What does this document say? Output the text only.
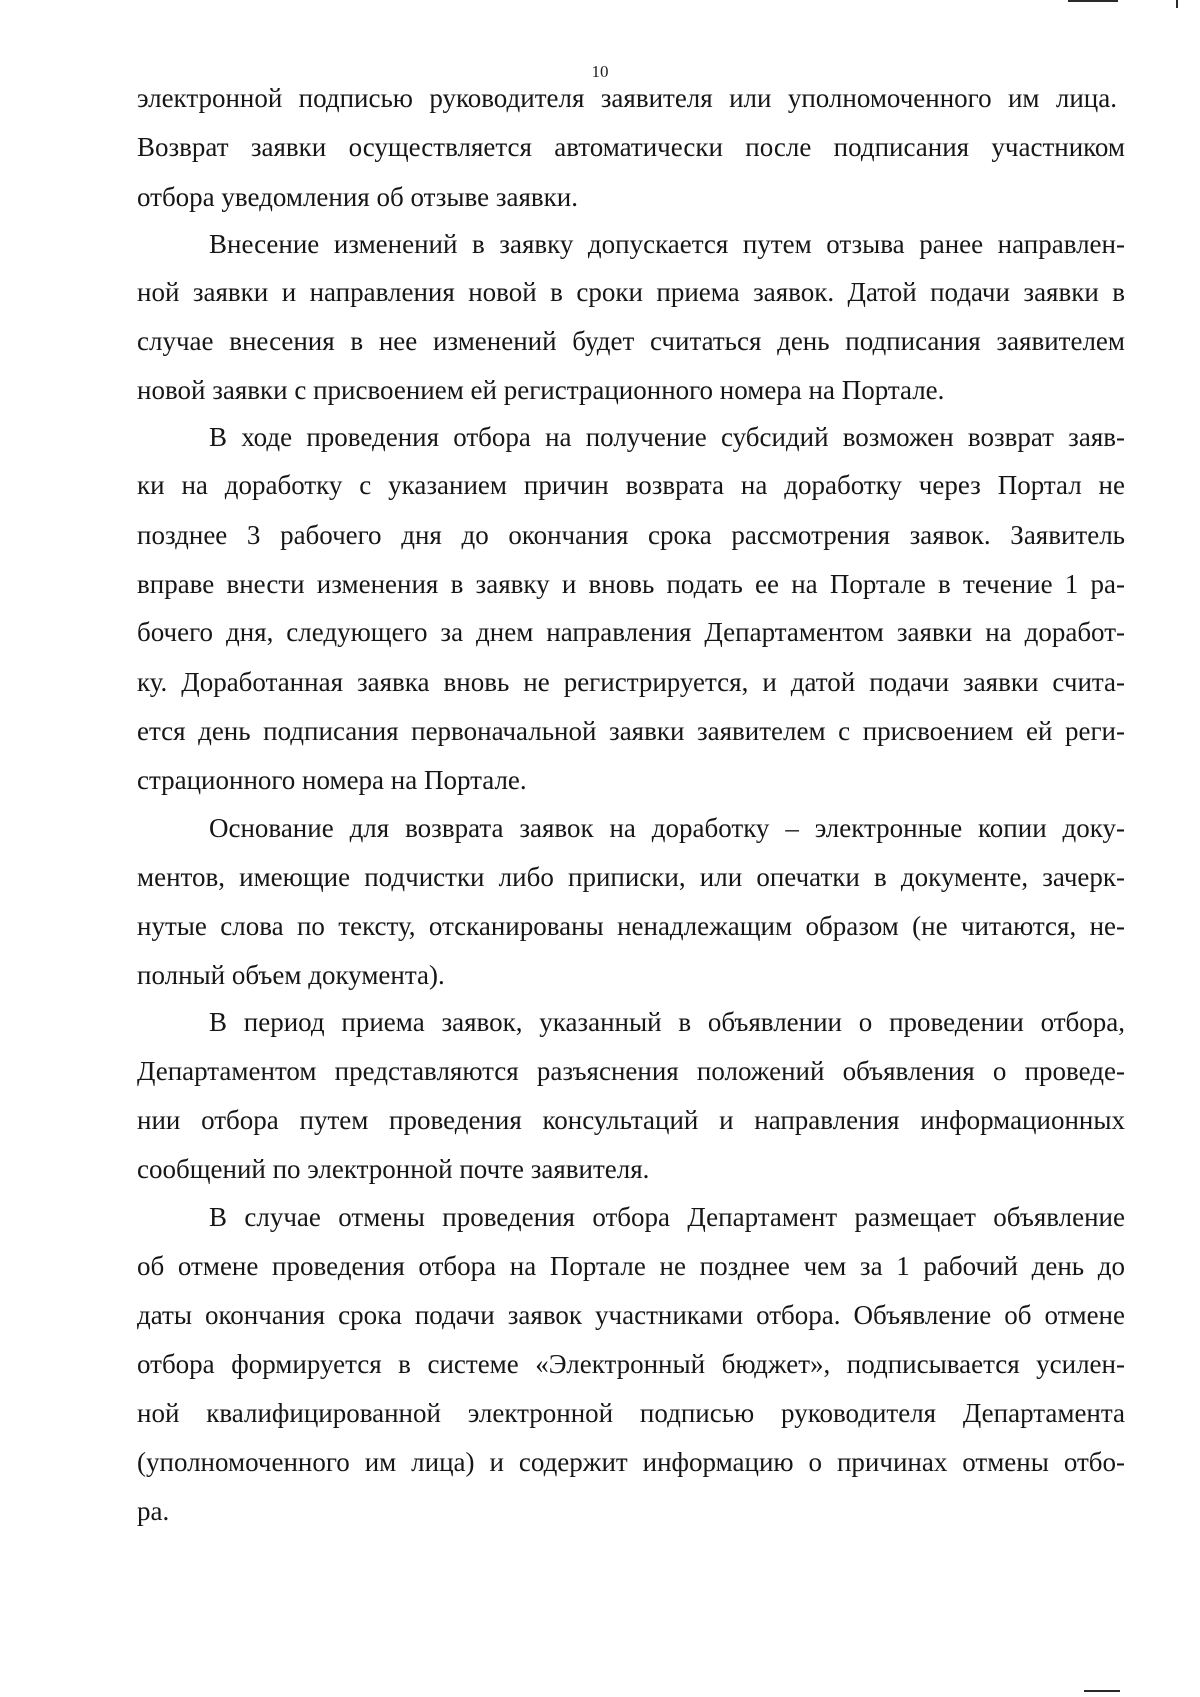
10

электронной подписью руководителя заявителя или уполномоченного им лица.

Возврат заявки осуществляется автоматически после подписания участником

отбора уведомления об отзыве заявки.

Внесение изменений в заявку допускается путем отзыва ранее направлен-

ной заявки и направления новой в сроки приема заявок. Датой подачи заявки в

случае внесения в нее изменений будет считаться день подписания заявителем

новой заявки с присвоением ей регистрационного номера на Портале.

В ходе проведения отбора на получение субсидий возможен возврат заяв-

ки на доработку с указанием причин возврата на доработку через Портал не

позднее 3 рабочего дня до окончания срока рассмотрения заявок. Заявитель

вправе внести изменения в заявку и вновь подать ее на Портале в течение 1 ра-

бочего дня, следующего за днем направления Департаментом заявки на доработ-

ку. Доработанная заявка вновь не регистрируется, и датой подачи заявки счита-

ется день подписания первоначальной заявки заявителем с присвоением ей реги-

страционного номера на Портале.

Основание для возврата заявок на доработку – электронные копии доку-

ментов, имеющие подчистки либо приписки, или опечатки в документе, зачерк-

нутые слова по тексту, отсканированы ненадлежащим образом (не читаются, не-

полный объем документа).

В период приема заявок, указанный в объявлении о проведении отбора,

Департаментом представляются разъяснения положений объявления о проведе-

нии отбора путем проведения консультаций и направления информационных

сообщений по электронной почте заявителя.

В случае отмены проведения отбора Департамент размещает объявление

об отмене проведения отбора на Портале не позднее чем за 1 рабочий день до

даты окончания срока подачи заявок участниками отбора. Объявление об отмене

отбора формируется в системе «Электронный бюджет», подписывается усилен-

ной квалифицированной электронной подписью руководителя Департамента

(уполномоченного им лица) и содержит информацию о причинах отмены отбо-

ра.
